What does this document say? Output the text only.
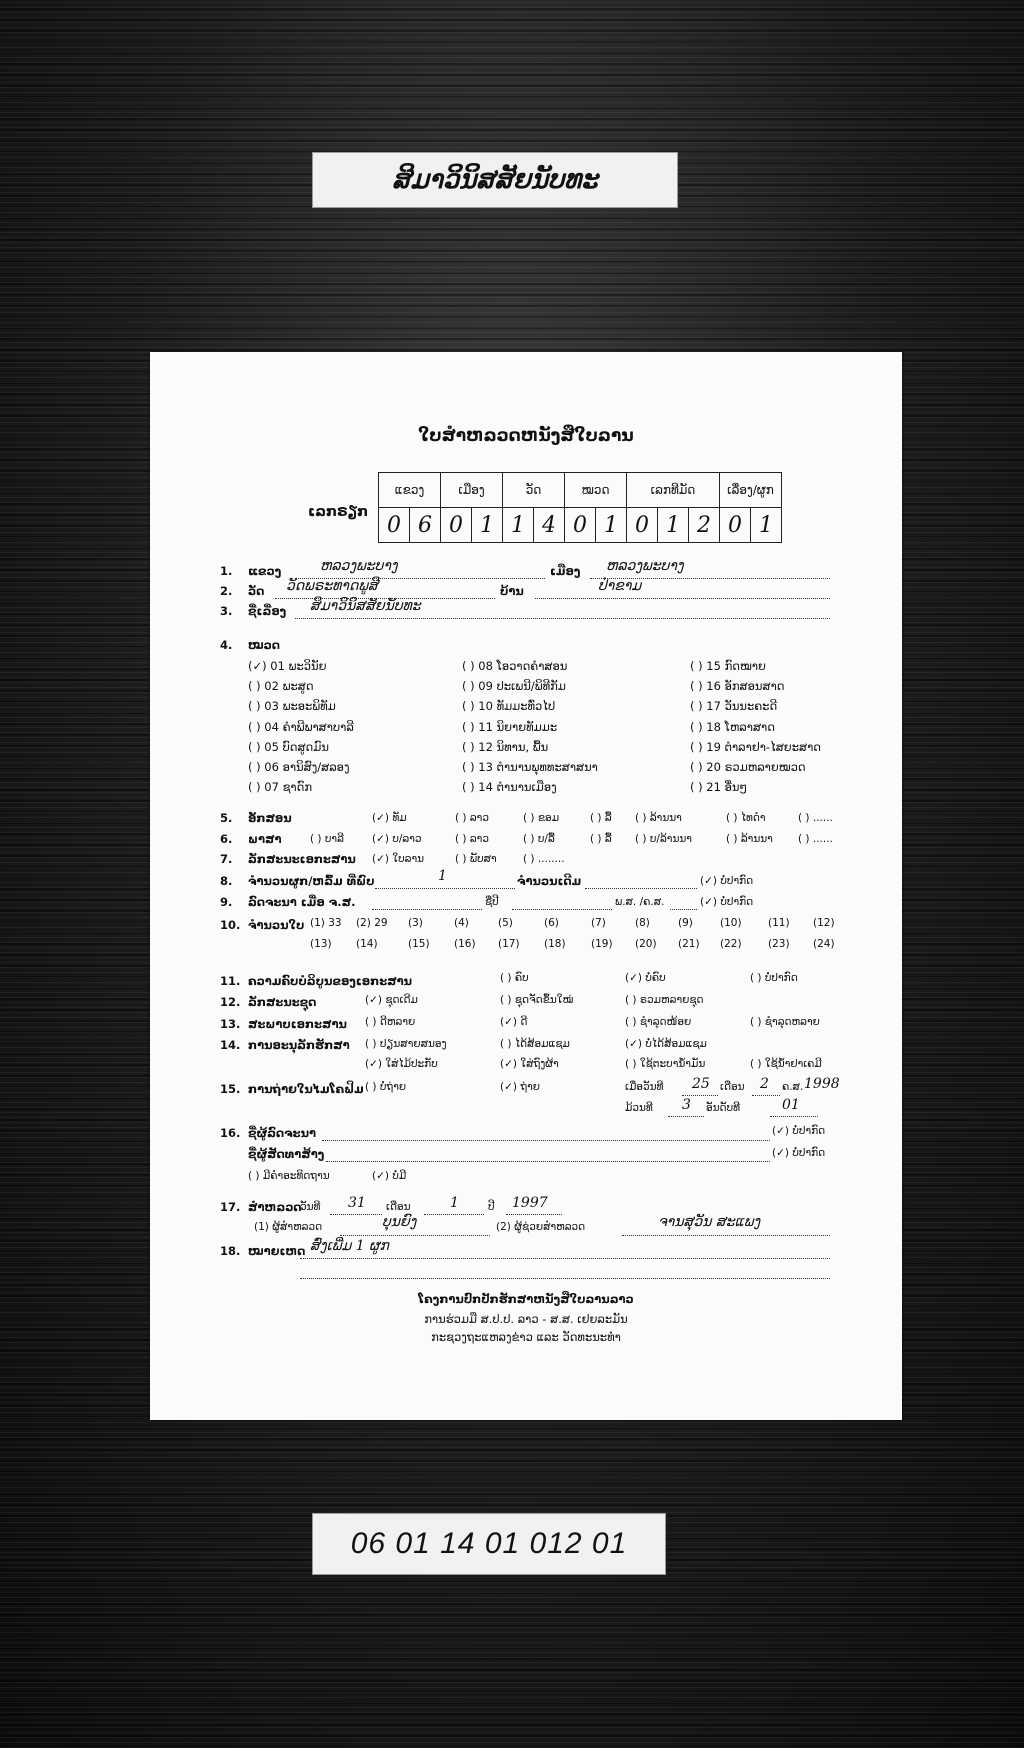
ສິມາວິນິສສັຍນັບທະ
ໃບສຳຫລວດຫນັງສືໃບລານ
ເລກຣຽກ
ແຂວງ		ເມືອງ		ວັດ		ໝວດ		ເລກທີມັດ			ເລື່ອງ/ຜູກ	
0	6	0	1	1	4	0	1	0	1	2	0	1
1. ແຂວງ	ຫລວງພະບາງ	ເມືອງ ຫລວງພະບາງ
2. ວັດ ວັດພຣະທາດພູສີ	ບ້ານ	ປ່າຂາມ
3. ຊື່ເລື່ອງ ສິມາວິນິສສັຍນັບທະ
4. ໝວດ
(✓) 01 ພະວິນັຍ
( ) 02 ພະສູດ
( ) 03 ພະອະພິທັມ
( ) 04 ຄຳພີພາສາບາລີ
( ) 05 ບົດສູດມົນ
( ) 06 ອານິສົງ/ສລອງ
( ) 07 ຊາດົກ
( ) 08 ໂອວາດຄຳສອນ
( ) 09 ປະເພນີ/ພິທີກັມ
( ) 10 ທັມມະທົ່ວໄປ
( ) 11 ນິຍາຍທັມມະ
( ) 12 ນິທານ, ພື້ນ
( ) 13 ຕຳນານພຸທທະສາສນາ
( ) 14 ຕຳນານເມືອງ
( ) 15 ກົດໝາຍ
( ) 16 ອັກສອນສາດ
( ) 17 ວັນນະຄະດີ
( ) 18 ໂຫລາສາດ
( ) 19 ຕຳລາຢາ-ໄສຍະສາດ
( ) 20 ຣວມຫລາຍໝວດ
( ) 21 ອື່ນໆ
5. ອັກສອນ	(✓) ທັມ	( ) ລາວ	( ) ຂອມ	( ) ລື້ ( ) ລ້ານນາ	( ) ໄທດຳ	( ) ......
6. ພາສາ	( ) ບາລີ	(✓) ບ/ລາວ	( ) ລາວ	( ) ບ/ລື້	( ) ລື້ ( ) ບ/ລ້ານນາ	( ) ລ້ານນາ ( ) ......
7. ລັກສະນະເອກະສານ (✓) ໃບລານ	( ) ພັບສາ	( ) ........
8. ຈຳນວນຜູກ/ຫລົ້ມ ທີ່ພົບ	1	ຈຳນວນເດີມ	(✓) ບໍ່ປາກົດ
9. ລົດຈະນາ ເມື່ອ ຈ.ສ.	ຊື່ປີ	ພ.ສ. /ຄ.ສ.	(✓) ບໍ່ປາກົດ
10. ຈຳນວນໃບ (1) 33 (2) 29 (3)	(4)	(5)	(6)	(7)	(8)	(9)	(10)	(11) (12)
(13) (14)	(15) (16) (17) (18) (19) (20) (21) (22)	(23) (24)
11. ຄວາມຄົບບໍລິບູນຂອງເອກະສານ	( ) ຄົບ	(✓) ບໍ່ຄົບ	( ) ບໍ່ປາກົດ
12. ລັກສະນະຊຸດ	(✓) ຊຸດເດີມ	( ) ຊຸດຈັດຂຶ້ນໃໝ່	( ) ຣວມຫລາຍຊຸດ
13. ສະພາບເອກະສານ ( ) ດີຫລາຍ	(✓) ດີ	( ) ຊຳລຸດໜ້ອຍ	( ) ຊຳລຸດຫລາຍ
14. ການອະນຸລັກຮັກສາ ( ) ປຽນສາຍສນອງ	( ) ໄດ້ສ້ອມແຊມ	(✓) ບໍ່ໄດ້ສ້ອມແຊມ
(✓) ໃສ່ໄມ້ປະກັບ	(✓) ໃສ່ຖົງຜ້າ	( ) ໃຊ້ຕະບານ້ຳມັນ	( ) ໃຊ້ນ້ຳຢາເຄມີ
15. ການຖ່າຍໃນໄມໂຄຟິມ ( ) ບໍ່ຖ່າຍ	(✓) ຖ່າຍ	ເມື່ອວັນທີ 25 ເດືອນ 2 ຄ.ສ. 1998
ມ້ວນທີ 3 ອັນດັບທີ	01
16. ຊື່ຜູ້ລົດຈະນາ	(✓) ບໍ່ປາກົດ
ຊື່ຜູ້ສັດທາສ້າງ	(✓) ບໍ່ປາກົດ
( ) ມີຄຳອະທິດຖານ	(✓) ບໍ່ມີ
17. ສຳຫລວດ
ວັນທີ 31 ເດືອນ	1	ປີ 1997
(1) ຜູ້ສຳຫລວດ	ບຸນຍົງ	(2) ຜູ້ຊ່ວຍສຳຫລວດ	ຈານສຸວັນ ສະແພງ
18. ໝາຍເຫດ ສົ່ງເພີ່ມ 1 ຜູກ
ໂຄງການປົກປັກຮັກສາຫນັງສືໃບລານລາວ
ການຮ່ວມມື ສ.ປ.ປ. ລາວ - ສ.ສ. ເຢຍລະມັນ
ກະຊວງຖະແຫລງຂ່າວ ແລະ ວັດທະນະທຳ
06 01 14 01 012 01
